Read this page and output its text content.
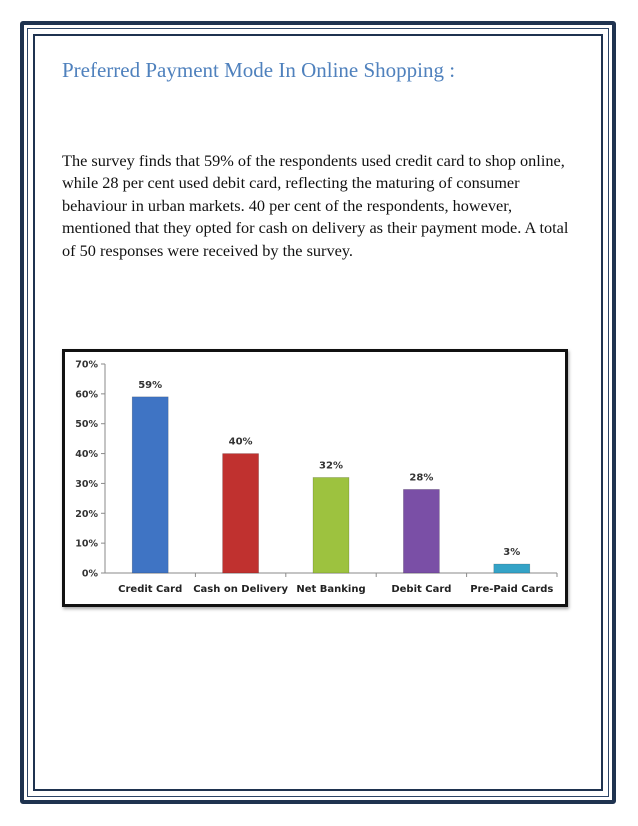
Preferred Payment Mode In Online Shopping :

The survey finds that 59% of the respondents used credit card to shop online, while 28 per cent used debit card, reflecting the maturing of consumer behaviour in urban markets. 40 per cent of the respondents, however, mentioned that they opted for cash on delivery as their payment mode. A total of 50 responses were received by the survey.

0%
10%
20%
30%
40%
50%
60%
70%
59%
Credit Card
40%
Cash on Delivery
32%
Net Banking
28%
Debit Card
3%
Pre-Paid Cards
